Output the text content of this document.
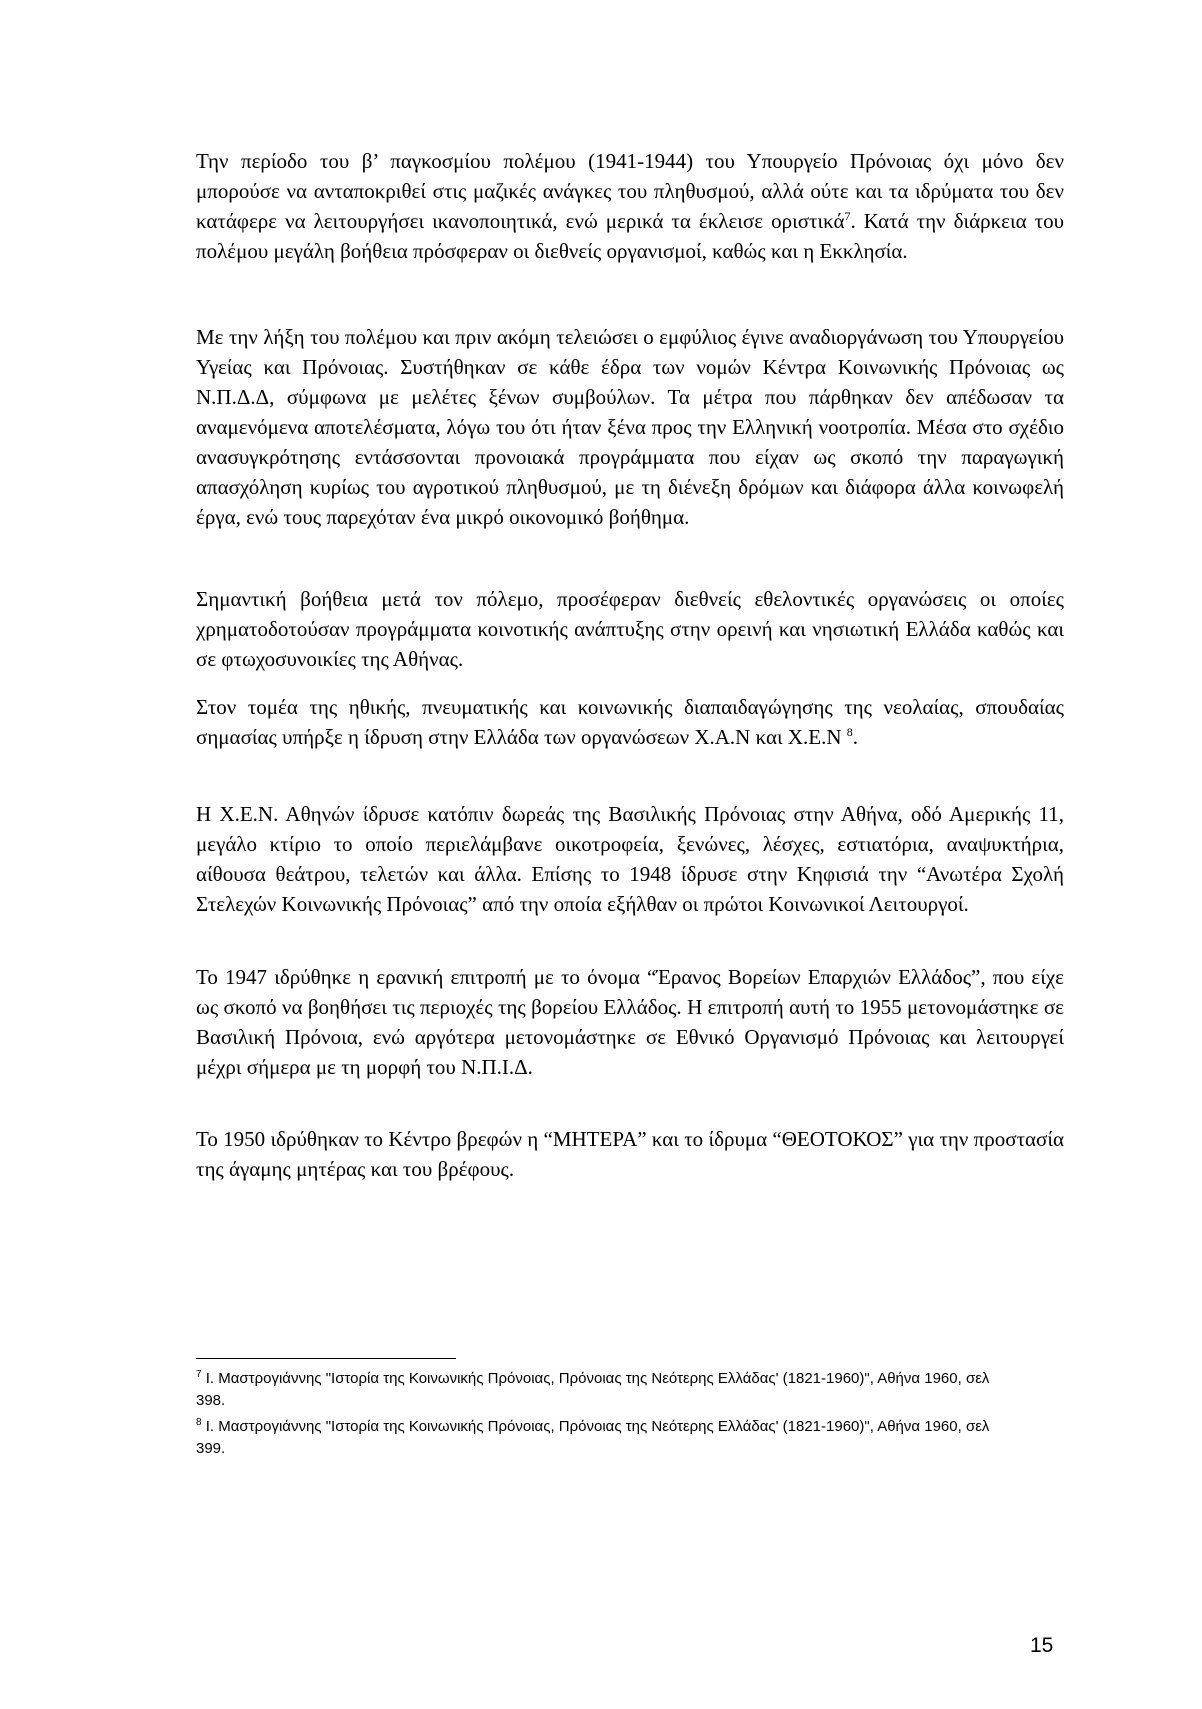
Την περίοδο του β’ παγκοσμίου πολέμου (1941-1944) του Υπουργείο Πρόνοιας όχι μόνο δεν μπορούσε να ανταποκριθεί στις μαζικές ανάγκες του πληθυσμού, αλλά ούτε και τα ιδρύματα του δεν κατάφερε να λειτουργήσει ικανοποιητικά, ενώ μερικά τα έκλεισε οριστικά$^7$. Κατά την διάρκεια του πολέμου μεγάλη βοήθεια πρόσφεραν οι διεθνείς οργανισμοί, καθώς και η Εκκλησία.

Με την λήξη του πολέμου και πριν ακόμη τελειώσει ο εμφύλιος έγινε αναδιοργάνωση του Υπουργείου Υγείας και Πρόνοιας. Συστήθηκαν σε κάθε έδρα των νομών Κέντρα Κοινωνικής Πρόνοιας ως Ν.Π.Δ.Δ, σύμφωνα με μελέτες ξένων συμβούλων. Τα μέτρα που πάρθηκαν δεν απέδωσαν τα αναμενόμενα αποτελέσματα, λόγω του ότι ήταν ξένα προς την Ελληνική νοοτροπία. Μέσα στο σχέδιο ανασυγκρότησης εντάσσονται προνοιακά προγράμματα που είχαν ως σκοπό την παραγωγική απασχόληση κυρίως του αγροτικού πληθυσμού, με τη διένεξη δρόμων και διάφορα άλλα κοινωφελή έργα, ενώ τους παρεχόταν ένα μικρό οικονομικό βοήθημα.

Σημαντική βοήθεια μετά τον πόλεμο, προσέφεραν διεθνείς εθελοντικές οργανώσεις οι οποίες χρηματοδοτούσαν προγράμματα κοινοτικής ανάπτυξης στην ορεινή και νησιωτική Ελλάδα καθώς και σε φτωχοσυνοικίες της Αθήνας.

Στον τομέα της ηθικής, πνευματικής και κοινωνικής διαπαιδαγώγησης της νεολαίας, σπουδαίας σημασίας υπήρξε η ίδρυση στην Ελλάδα των οργανώσεων Χ.Α.Ν και Χ.Ε.Ν $^8$.

Η Χ.Ε.Ν. Αθηνών ίδρυσε κατόπιν δωρεάς της Βασιλικής Πρόνοιας στην Αθήνα, οδό Αμερικής 11, μεγάλο κτίριο το οποίο περιελάμβανε οικοτροφεία, ξενώνες, λέσχες, εστιατόρια, αναψυκτήρια, αίθουσα θεάτρου, τελετών και άλλα. Επίσης το 1948 ίδρυσε στην Κηφισιά την “Ανωτέρα Σχολή Στελεχών Κοινωνικής Πρόνοιας” από την οποία εξήλθαν οι πρώτοι Κοινωνικοί Λειτουργοί.

Το 1947 ιδρύθηκε η ερανική επιτροπή με το όνομα “Έρανος Βορείων Επαρχιών Ελλάδος”, που είχε ως σκοπό να βοηθήσει τις περιοχές της βορείου Ελλάδος. Η επιτροπή αυτή το 1955 μετονομάστηκε σε Βασιλική Πρόνοια, ενώ αργότερα μετονομάστηκε σε Εθνικό Οργανισμό Πρόνοιας και λειτουργεί μέχρι σήμερα με τη μορφή του Ν.Π.Ι.Δ.

Το 1950 ιδρύθηκαν το Κέντρο βρεφών η “ΜΗΤΕΡΑ” και το ίδρυμα “ΘΕΟΤΟΚΟΣ” για την προστασία της άγαμης μητέρας και του βρέφους.

$^7$ Ι. Μαστρογιάννης "Ιστορία της Κοινωνικής Πρόνοιας, Πρόνοιας της Νεότερης Ελλάδας' (1821-1960)", Αθήνα 1960, σελ 398.
$^8$ Ι. Μαστρογιάννης "Ιστορία της Κοινωνικής Πρόνοιας, Πρόνοιας της Νεότερης Ελλάδας' (1821-1960)", Αθήνα 1960, σελ 399.
15
